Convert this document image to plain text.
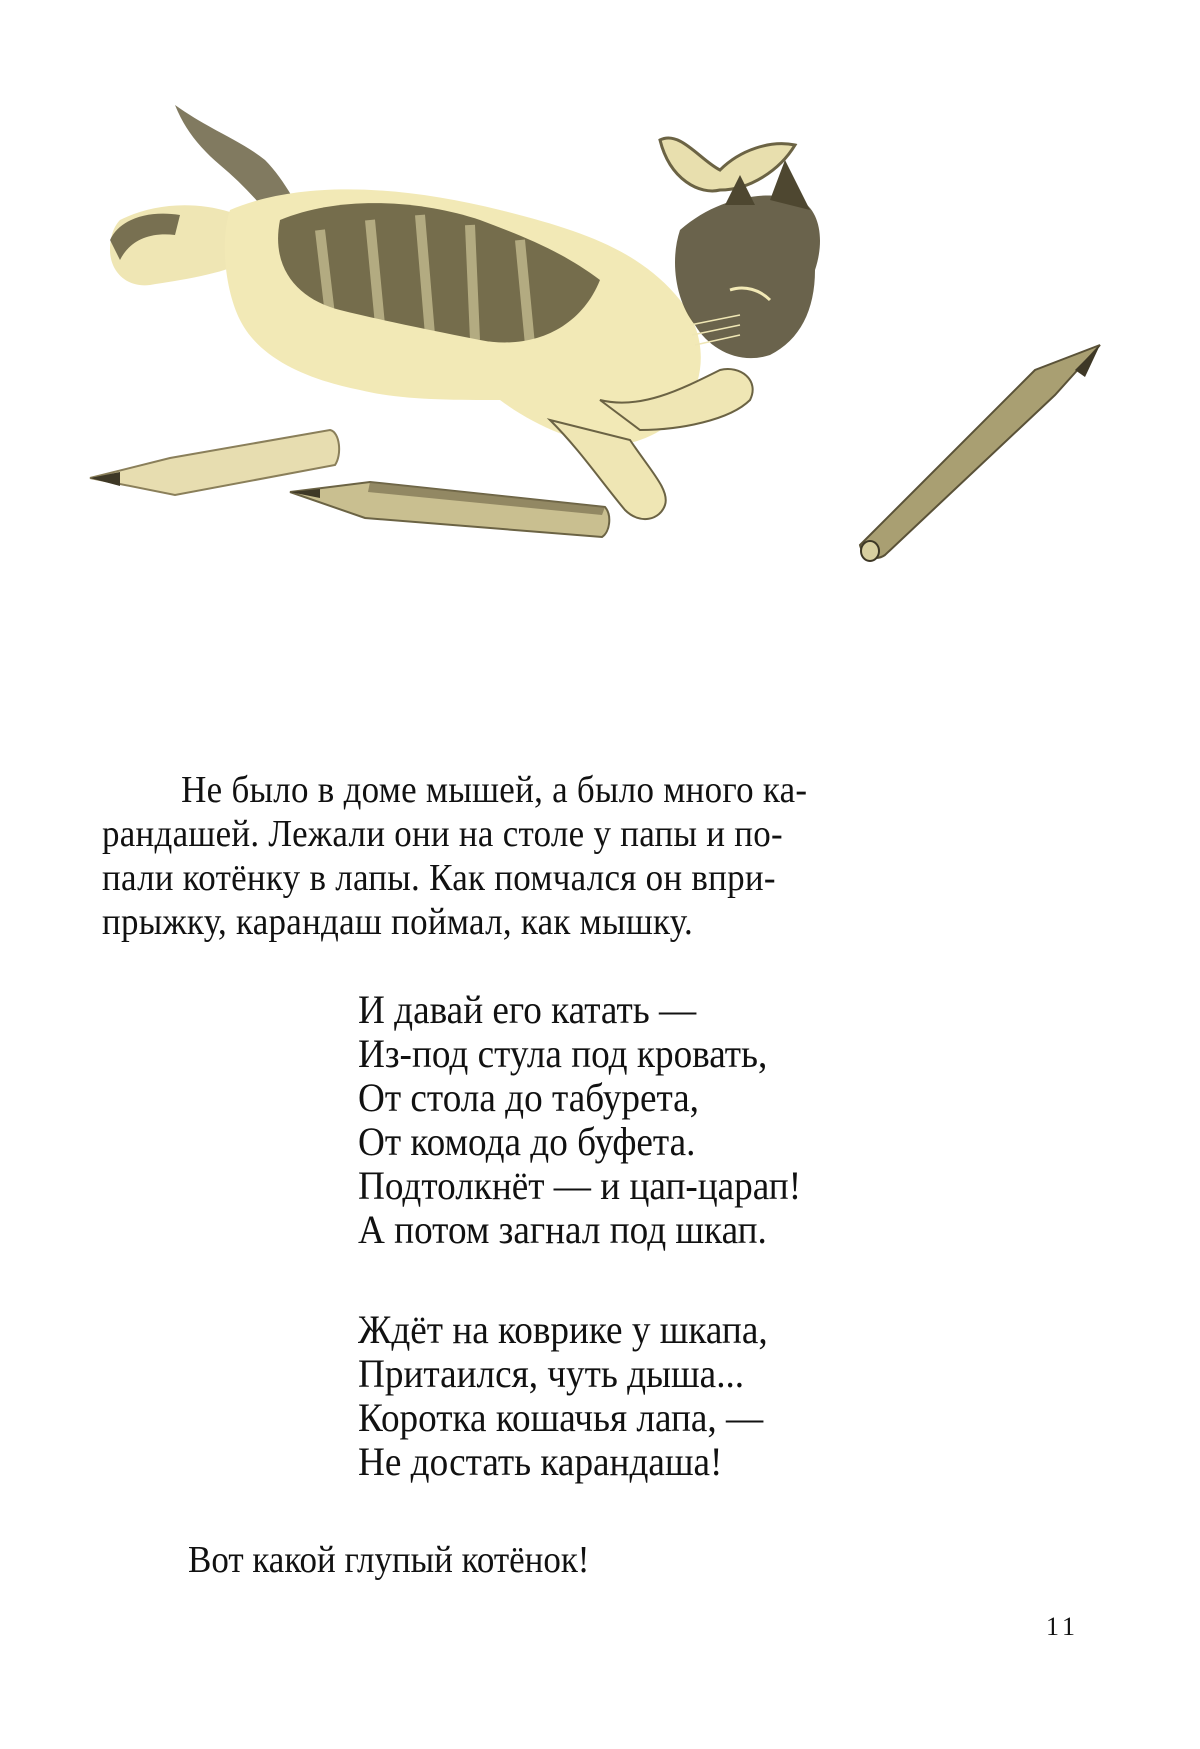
Не было в доме мышей, а было много ка-
рандашей. Лежали они на столе у папы и по-
пали котёнку в лапы. Как помчался он впри-
прыжку, карандаш поймал, как мышку.
И давай его катать —
Из-под стула под кровать,
От стола до табурета,
От комода до буфета.
Подтолкнёт — и цап-царап!
А потом загнал под шкап.
Ждёт на коврике у шкапа,
Притаился, чуть дыша...
Коротка кошачья лапа, —
Не достать карандаша!
Вот какой глупый котёнок!
11
